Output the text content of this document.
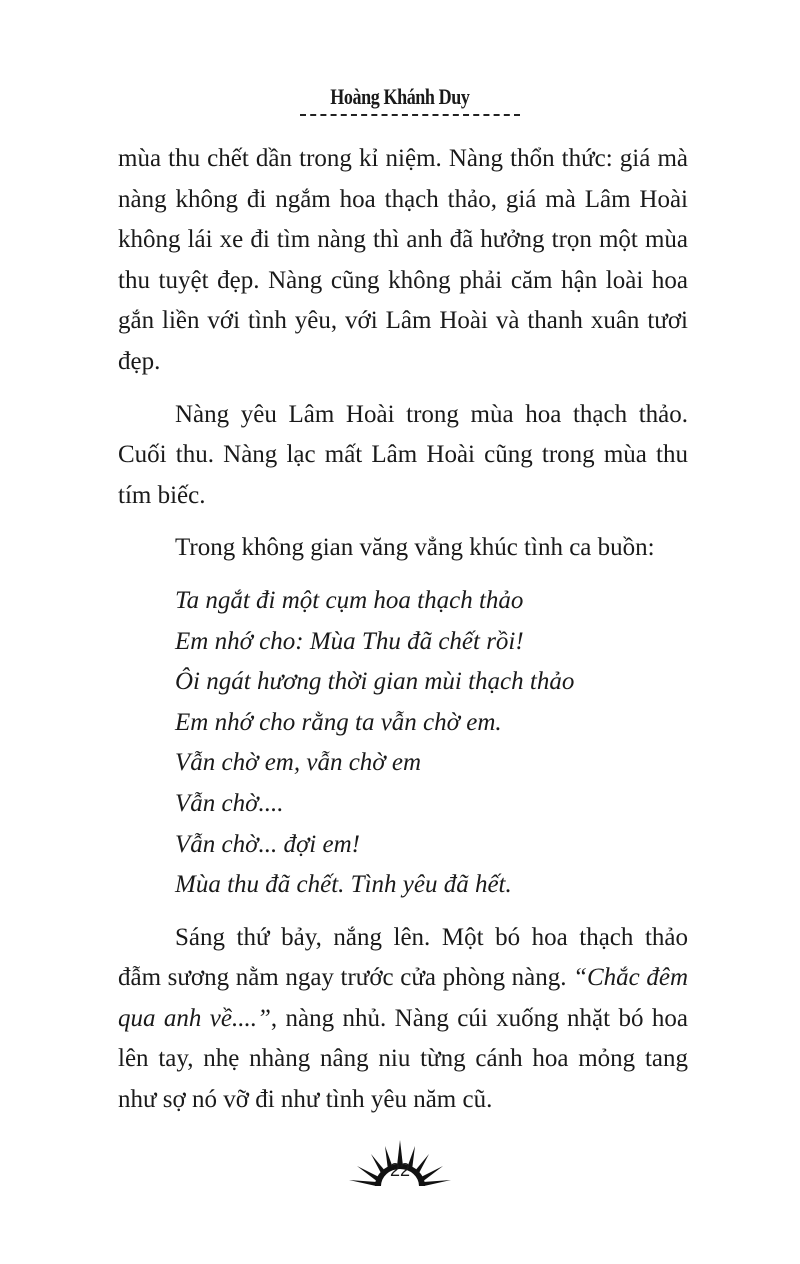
Hoàng Khánh Duy

mùa thu chết dần trong kỉ niệm. Nàng thổn thức: giá mà nàng không đi ngắm hoa thạch thảo, giá mà Lâm Hoài không lái xe đi tìm nàng thì anh đã hưởng trọn một mùa thu tuyệt đẹp. Nàng cũng không phải căm hận loài hoa gắn liền với tình yêu, với Lâm Hoài và thanh xuân tươi đẹp.

Nàng yêu Lâm Hoài trong mùa hoa thạch thảo. Cuối thu. Nàng lạc mất Lâm Hoài cũng trong mùa thu tím biếc.

Trong không gian văng vẳng khúc tình ca buồn:

Ta ngắt đi một cụm hoa thạch thảo
Em nhớ cho: Mùa Thu đã chết rồi!
Ôi ngát hương thời gian mùi thạch thảo
Em nhớ cho rằng ta vẫn chờ em.
Vẫn chờ em, vẫn chờ em
Vẫn chờ....
Vẫn chờ... đợi em!
Mùa thu đã chết. Tình yêu đã hết.

Sáng thứ bảy, nắng lên. Một bó hoa thạch thảo đẫm sương nằm ngay trước cửa phòng nàng. “Chắc đêm qua anh về....”, nàng nhủ. Nàng cúi xuống nhặt bó hoa lên tay, nhẹ nhàng nâng niu từng cánh hoa mỏng tang như sợ nó vỡ đi như tình yêu năm cũ.

22
